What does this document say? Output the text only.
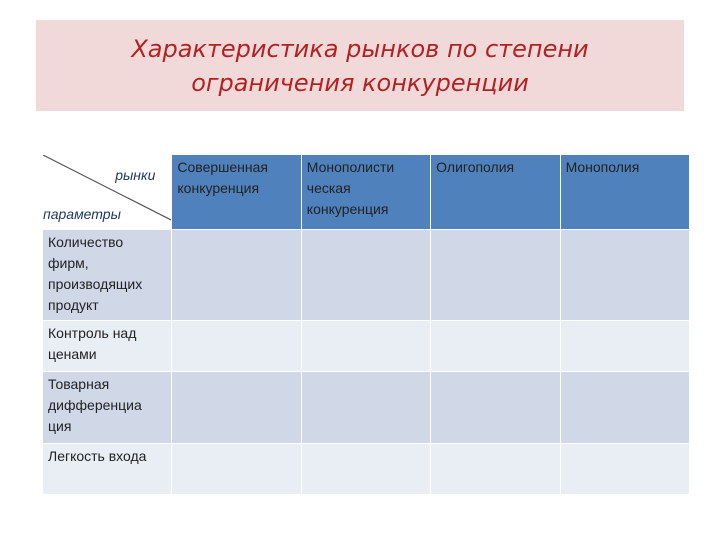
Характеристика рынков по степени
ограничения конкуренции
рынки
параметры	Совершенная конкуренция	Монополисти ческая конкуренция	Олигополия	Монополия
Количество фирм, производящих продукт				
Контроль над ценами				
Товарная дифференциа ция				
Легкость входа				
